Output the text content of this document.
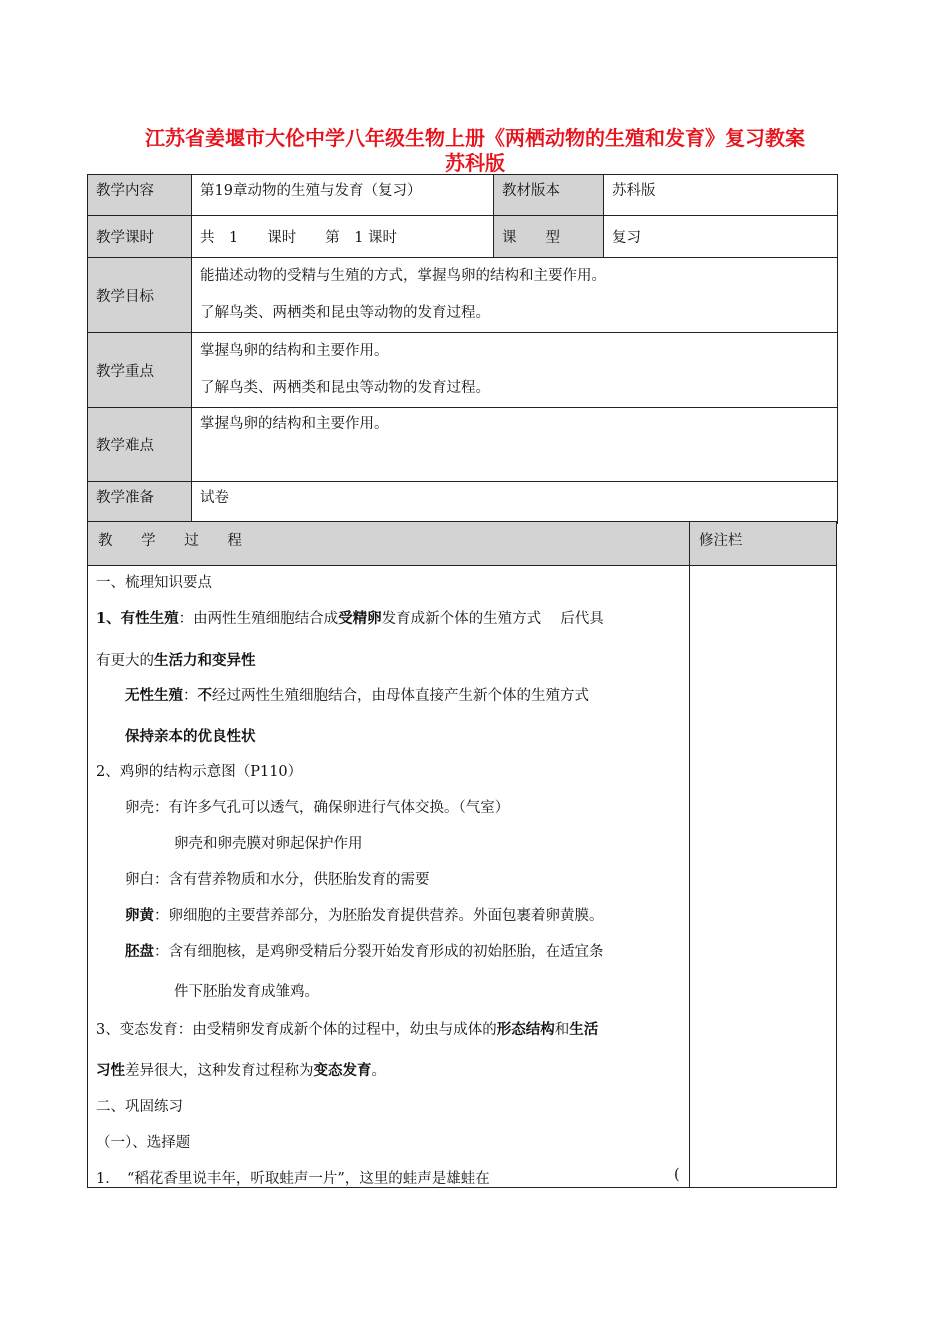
江苏省姜堰市大伦中学八年级生物上册《两栖动物的生殖和发育》复习教案
苏科版
教学内容	第19章动物的生殖与发育（复习）	教材版本	苏科版
教学课时	共　1　　课时　　第　1 课时	课　　型	复习
教学目标	能描述动物的受精与生殖的方式，掌握鸟卵的结构和主要作用。
了解鸟类、两栖类和昆虫等动物的发育过程。		

教学重点	掌握鸟卵的结构和主要作用。
了解鸟类、两栖类和昆虫等动物的发育过程。		

教学难点	掌握鸟卵的结构和主要作用。		
教学准备	试卷		
教 学 过 程	修注栏
一、梳理知识要点
1、有性生殖：由两性生殖细胞结合成受精卵发育成新个体的生殖方式　 后代具
有更大的生活力和变异性
无性生殖：不经过两性生殖细胞结合，由母体直接产生新个体的生殖方式
保持亲本的优良性状
2、鸡卵的结构示意图（P110）
卵壳：有许多气孔可以透气，确保卵进行气体交换。（气室）
卵壳和卵壳膜对卵起保护作用
卵白：含有营养物质和水分，供胚胎发育的需要
卵黄：卵细胞的主要营养部分，为胚胎发育提供营养。外面包裹着卵黄膜。
胚盘：含有细胞核，是鸡卵受精后分裂开始发育形成的初始胚胎，在适宜条
件下胚胎发育成雏鸡。
3、变态发育：由受精卵发育成新个体的过程中，幼虫与成体的形态结构和生活
习性差异很大，这种发育过程称为变态发育。
二、巩固练习
（一）、选择题
1．　“稻花香里说丰年，听取蛙声一片”，这里的蛙声是雄蛙在	(
